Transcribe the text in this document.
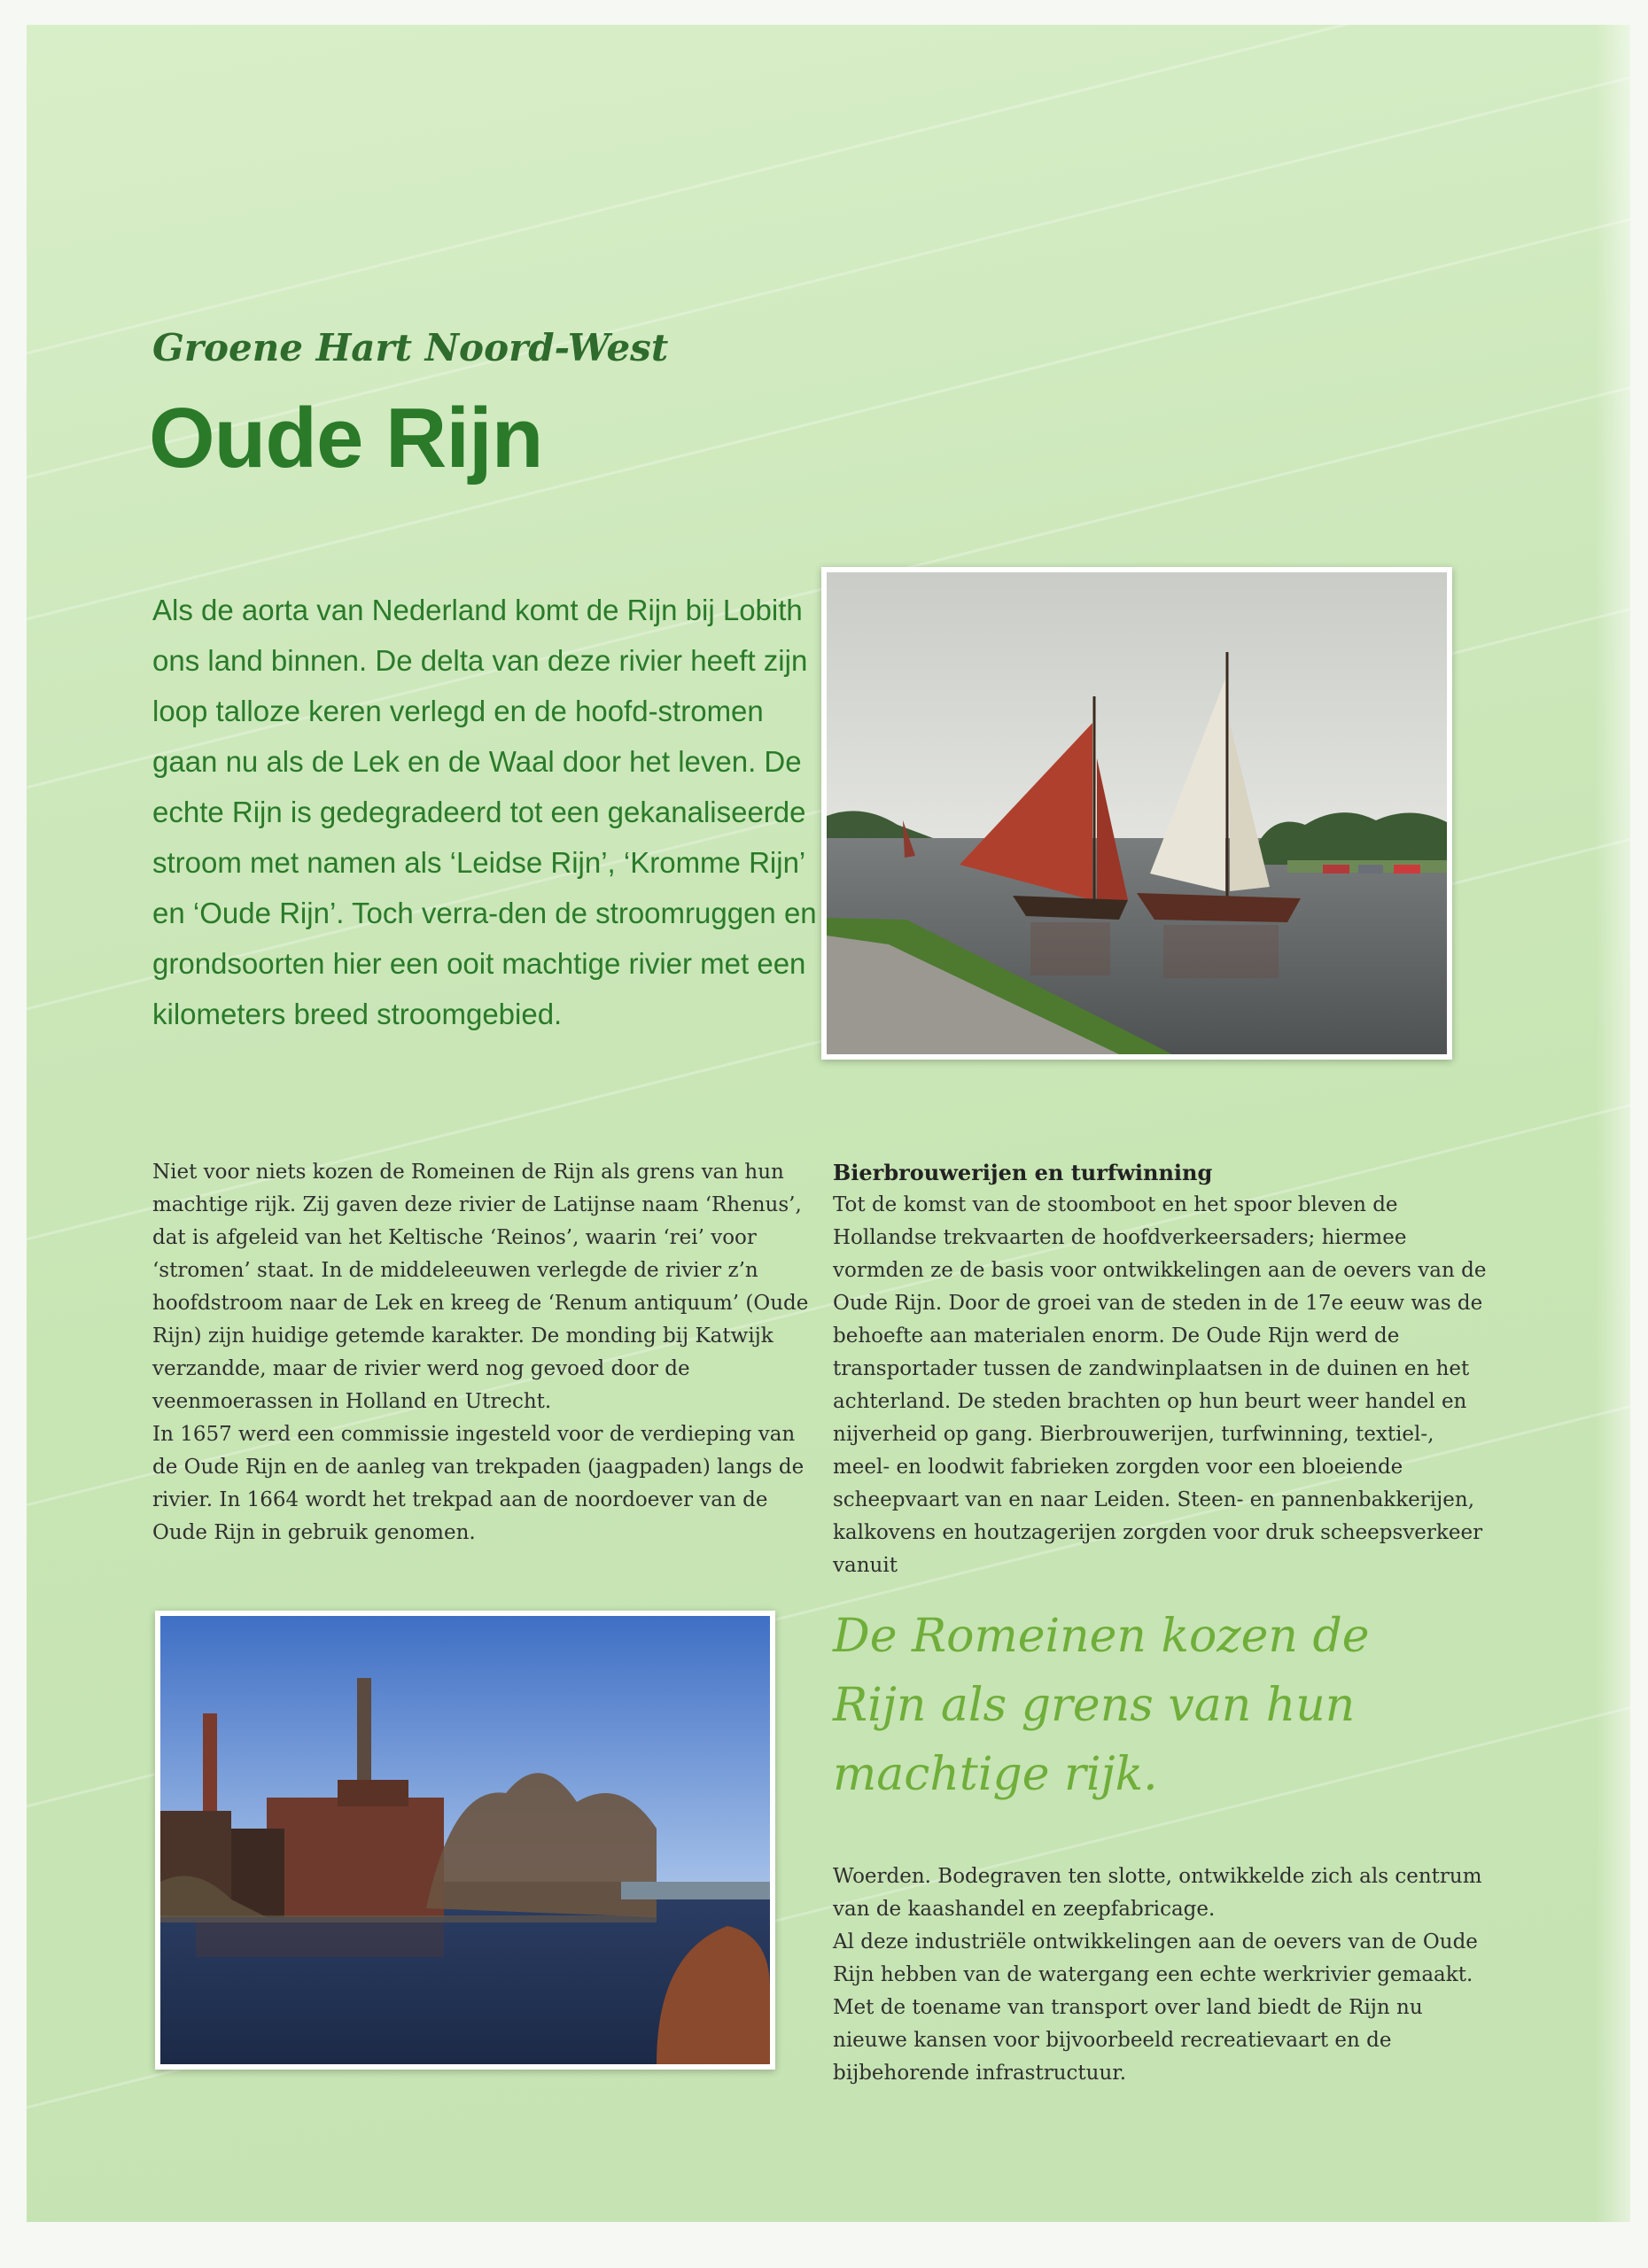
Groene Hart Noord-West

Oude Rijn

Als de aorta van Nederland komt de Rijn bij Lobith ons land binnen. De delta van deze rivier heeft zijn loop talloze keren verlegd en de hoofd-stromen gaan nu als de Lek en de Waal door het leven. De echte Rijn is gedegradeerd tot een gekanaliseerde stroom met namen als ‘Leidse Rijn’, ‘Kromme Rijn’ en ‘Oude Rijn’. Toch verra-den de stroomruggen en grondsoorten hier een ooit machtige rivier met een kilometers breed stroomgebied.

Niet voor niets kozen de Romeinen de Rijn als grens van hun machtige rijk. Zij gaven deze rivier de Latijnse naam ‘Rhenus’, dat is afgeleid van het Keltische ‘Reinos’, waarin ‘rei’ voor ‘stromen’ staat. In de middeleeuwen verlegde de rivier z’n hoofdstroom naar de Lek en kreeg de ‘Renum antiquum’ (Oude Rijn) zijn huidige getemde karakter. De monding bij Katwijk verzandde, maar de rivier werd nog gevoed door de veenmoerassen in Holland en Utrecht.

In 1657 werd een commissie ingesteld voor de verdieping van de Oude Rijn en de aanleg van trekpaden (jaagpaden) langs de rivier. In 1664 wordt het trekpad aan de noordoever van de Oude Rijn in gebruik genomen.

Bierbrouwerijen en turfwinning

Tot de komst van de stoomboot en het spoor bleven de Hollandse trekvaarten de hoofdverkeersaders; hiermee vormden ze de basis voor ontwikkelingen aan de oevers van de Oude Rijn. Door de groei van de steden in de 17e eeuw was de behoefte aan materialen enorm. De Oude Rijn werd de transportader tussen de zandwinplaatsen in de duinen en het achterland. De steden brachten op hun beurt weer handel en nijverheid op gang. Bierbrouwerijen, turfwinning, textiel-, meel- en loodwit fabrieken zorgden voor een bloeiende scheepvaart van en naar Leiden. Steen- en pannenbakkerijen, kalkovens en houtzagerijen zorgden voor druk scheepsverkeer vanuit

De Romeinen kozen de Rijn als grens van hun machtige rijk.

Woerden. Bodegraven ten slotte, ontwikkelde zich als centrum van de kaashandel en zeepfabricage.

Al deze industriële ontwikkelingen aan de oevers van de Oude Rijn hebben van de watergang een echte werkrivier gemaakt. Met de toename van transport over land biedt de Rijn nu nieuwe kansen voor bijvoorbeeld recreatievaart en de bijbehorende infrastructuur.
